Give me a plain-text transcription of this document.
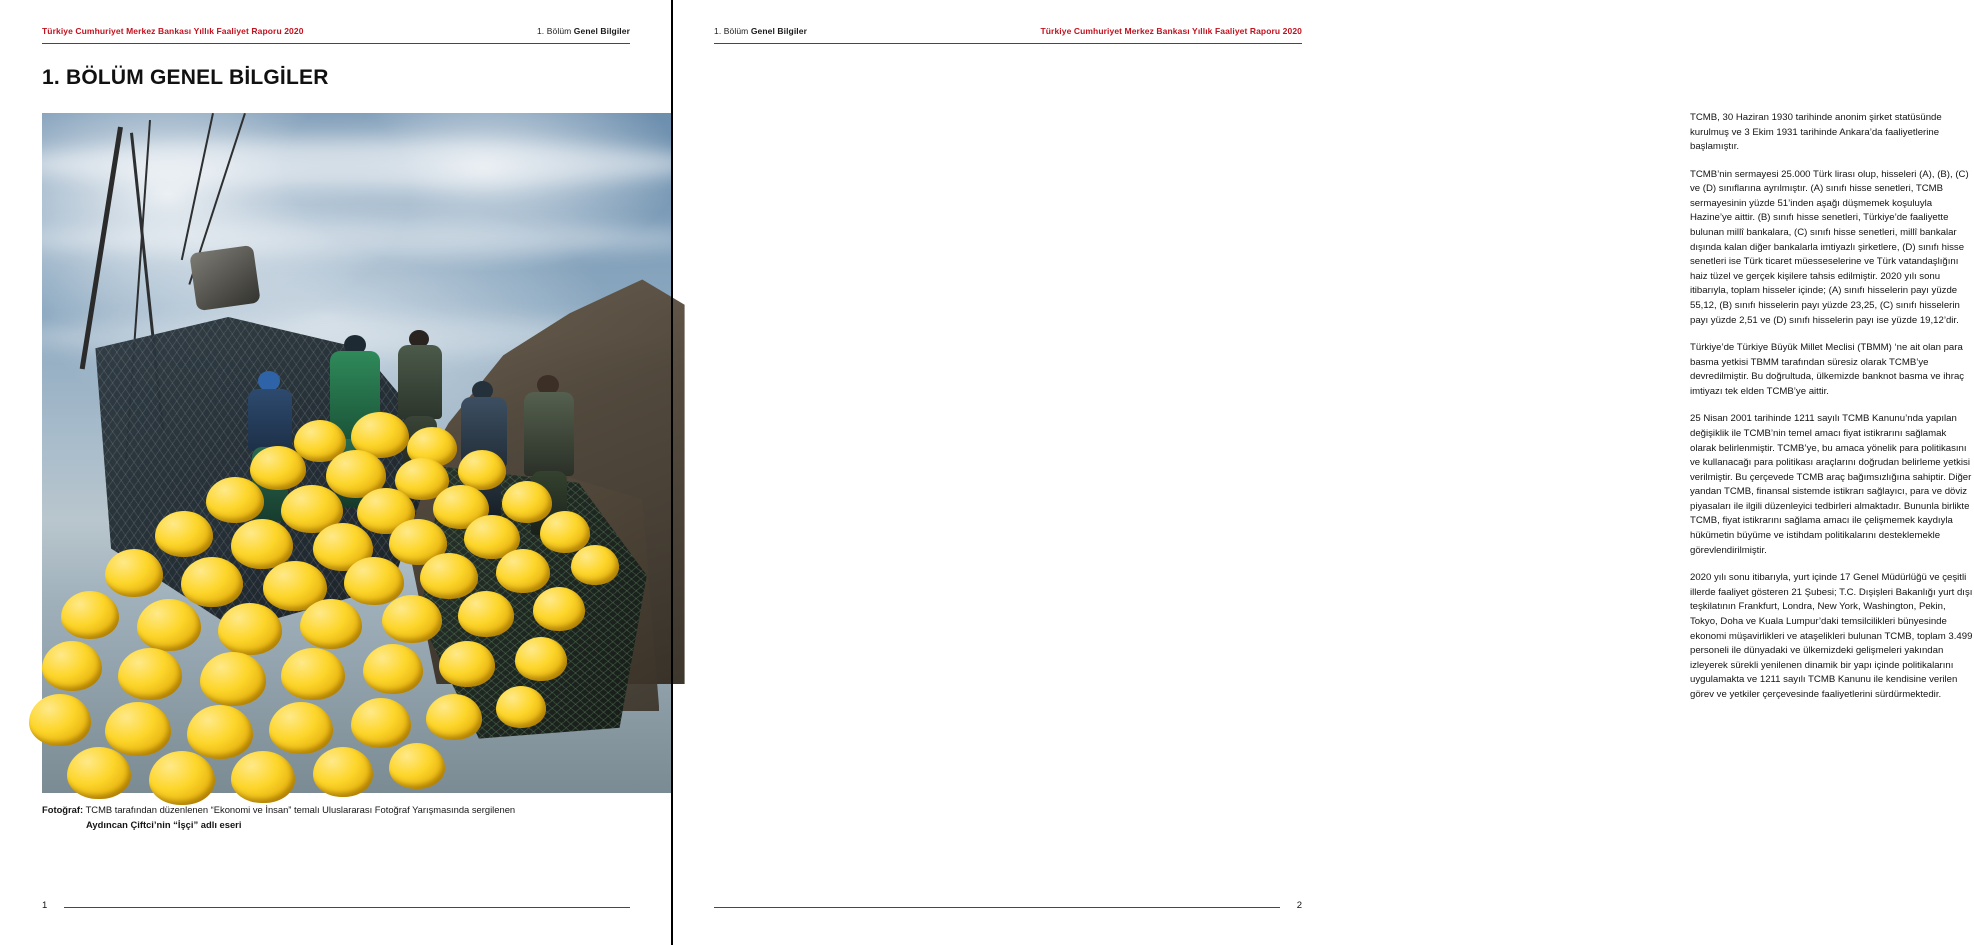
Türkiye Cumhuriyet Merkez Bankası Yıllık Faaliyet Raporu 2020	1. Bölüm Genel Bilgiler
1. BÖLÜM GENEL BİLGİLER
Fotoğraf: TCMB tarafından düzenlenen “Ekonomi ve İnsan” temalı Uluslararası Fotoğraf Yarışmasında sergilenen
Aydıncan Çiftci’nin “İşçi” adlı eseri
1
1. Bölüm Genel Bilgiler	Türkiye Cumhuriyet Merkez Bankası Yıllık Faaliyet Raporu 2020

TCMB, 30 Haziran 1930 tarihinde anonim şirket statüsünde kurulmuş ve 3 Ekim 1931 tarihinde Ankara’da faaliyetlerine başlamıştır.

TCMB’nin sermayesi 25.000 Türk lirası olup, hisseleri (A), (B), (C) ve (D) sınıflarına ayrılmıştır. (A) sınıfı hisse senetleri, TCMB sermayesinin yüzde 51’inden aşağı düşmemek koşuluyla Hazine’ye aittir. (B) sınıfı hisse senetleri, Türkiye’de faaliyette bulunan millî bankalara, (C) sınıfı hisse senetleri, millî bankalar dışında kalan diğer bankalarla imtiyazlı şirketlere, (D) sınıfı hisse senetleri ise Türk ticaret müesseselerine ve Türk vatandaşlığını haiz tüzel ve gerçek kişilere tahsis edilmiştir. 2020 yılı sonu itibarıyla, toplam hisseler içinde; (A) sınıfı hisselerin payı yüzde 55,12, (B) sınıfı hisselerin payı yüzde 23,25, (C) sınıfı hisselerin payı yüzde 2,51 ve (D) sınıfı hisselerin payı ise yüzde 19,12’dir.

Türkiye’de Türkiye Büyük Millet Meclisi (TBMM) ‘ne ait olan para basma yetkisi TBMM tarafından süresiz olarak TCMB’ye devredilmiştir. Bu doğrultuda, ülkemizde banknot basma ve ihraç imtiyazı tek elden TCMB’ye aittir.

25 Nisan 2001 tarihinde 1211 sayılı TCMB Kanunu’nda yapılan değişiklik ile TCMB’nin temel amacı fiyat istikrarını sağlamak olarak belirlenmiştir. TCMB’ye, bu amaca yönelik para politikasını ve kullanacağı para politikası araçlarını doğrudan belirleme yetkisi verilmiştir. Bu çerçevede TCMB araç bağımsızlığına sahiptir. Diğer yandan TCMB, finansal sistemde istikrarı sağlayıcı, para ve döviz piyasaları ile ilgili düzenleyici tedbirleri almaktadır. Bununla birlikte TCMB, fiyat istikrarını sağlama amacı ile çelişmemek kaydıyla hükümetin büyüme ve istihdam politikalarını desteklemekle görevlendirilmiştir.

2020 yılı sonu itibarıyla, yurt içinde 17 Genel Müdürlüğü ve çeşitli illerde faaliyet gösteren 21 Şubesi; T.C. Dışişleri Bakanlığı yurt dışı teşkilatının Frankfurt, Londra, New York, Washington, Pekin, Tokyo, Doha ve Kuala Lumpur’daki temsilcilikleri bünyesinde ekonomi müşavirlikleri ve ataşelikleri bulunan TCMB, toplam 3.499 personeli ile dünyadaki ve ülkemizdeki gelişmeleri yakından izleyerek sürekli yenilenen dinamik bir yapı içinde politikalarını uygulamakta ve 1211 sayılı TCMB Kanunu ile kendisine verilen görev ve yetkiler çerçevesinde faaliyetlerini sürdürmektedir.

2
